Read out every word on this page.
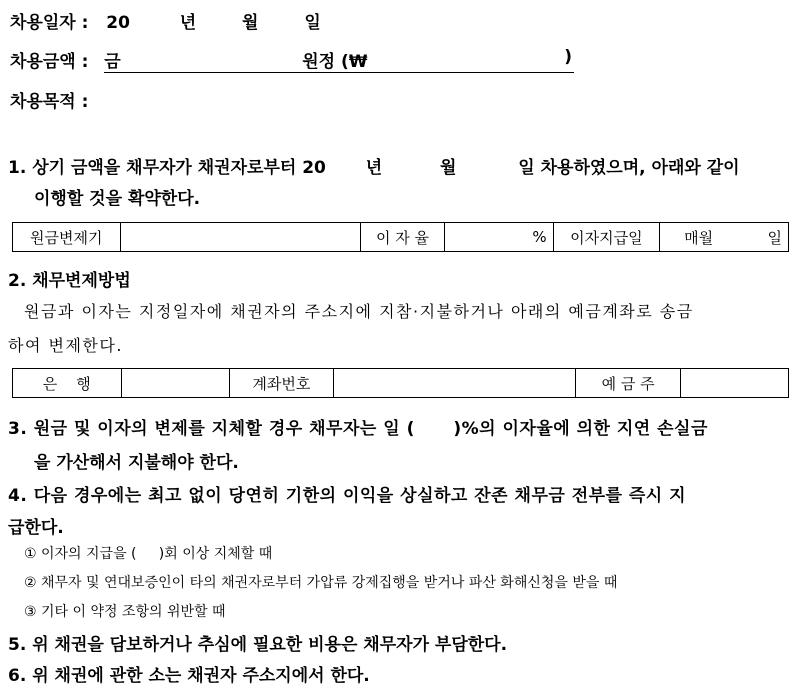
차용일자 : 20	년	월	일
차용금액 : 금	원정 (₩	)
차용목적 :
1. 상기 금액을 채무자가 채권자로부터 20 년	월	일 차용하였으며, 아래와 같이
이행할 것을 확약한다.
원금변제기		이 자 율	%	이자지급일	매월	일
2. 채무변제방법
원금과 이자는 지정일자에 채권자의 주소지에 지참·지불하거나 아래의 예금계좌로 송금
하여 변제한다.
은    행		계좌번호		예 금 주	
3. 원금 및 이자의 변제를 지체할 경우 채무자는 일 (      )%의 이자율에 의한 지연 손실금
을 가산해서 지불해야 한다.
4. 다음 경우에는 최고 없이 당연히 기한의 이익을 상실하고 잔존 채무금 전부를 즉시 지
급한다.
① 이자의 지급을 (     )회 이상 지체할 때
② 채무자 및 연대보증인이 타의 채권자로부터 가압류 강제집행을 받거나 파산 화해신청을 받을 때
③ 기타 이 약정 조항의 위반할 때
5. 위 채권을 담보하거나 추심에 필요한 비용은 채무자가 부담한다.
6. 위 채권에 관한 소는 채권자 주소지에서 한다.
